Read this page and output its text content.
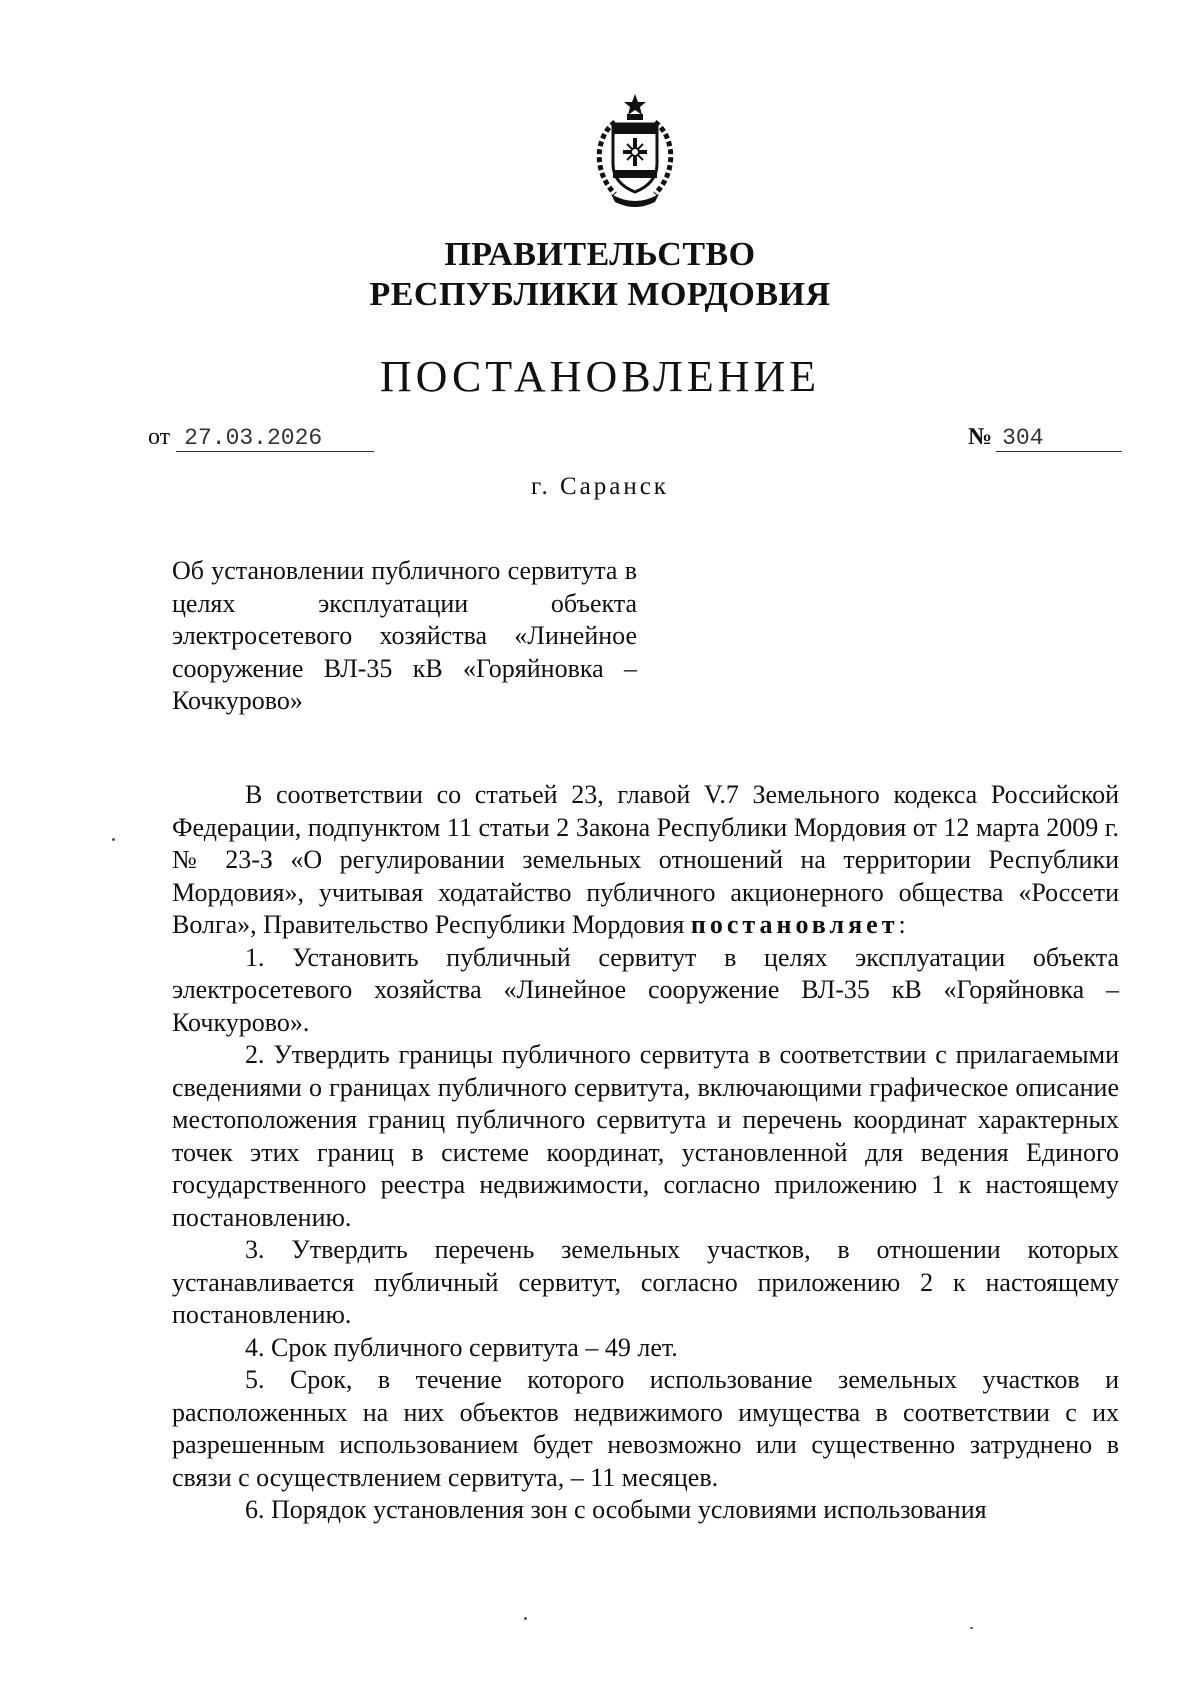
ПРАВИТЕЛЬСТВО
РЕСПУБЛИКИ МОРДОВИЯ
ПОСТАНОВЛЕНИЕ
от 27.03.2026	№ 304
г. Саранск
Об установлении публичного сервитута в целях эксплуатации объекта электросетевого хозяйства «Линейное сооружение ВЛ-35 кВ «Горяйновка – Кочкурово»

В соответствии со статьей 23, главой V.7 Земельного кодекса Российской Федерации, подпунктом 11 статьи 2 Закона Республики Мордовия от 12 марта 2009 г. № 23-З «О регулировании земельных отношений на территории Республики Мордовия», учитывая ходатайство публичного акционерного общества «Россети Волга», Правительство Республики Мордовия постановляет:

1. Установить публичный сервитут в целях эксплуатации объекта электросетевого хозяйства «Линейное сооружение ВЛ-35 кВ «Горяйновка – Кочкурово».

2. Утвердить границы публичного сервитута в соответствии с прилагаемыми сведениями о границах публичного сервитута, включающими графическое описание местоположения границ публичного сервитута и перечень координат характерных точек этих границ в системе координат, установленной для ведения Единого государственного реестра недвижимости, согласно приложению 1 к настоящему постановлению.

3. Утвердить перечень земельных участков, в отношении которых устанавливается публичный сервитут, согласно приложению 2 к настоящему постановлению.

4. Срок публичного сервитута – 49 лет.

5. Срок, в течение которого использование земельных участков и расположенных на них объектов недвижимого имущества в соответствии с их разрешенным использованием будет невозможно или существенно затруднено в связи с осуществлением сервитута, – 11 месяцев.

6. Порядок установления зон с особыми условиями использования
